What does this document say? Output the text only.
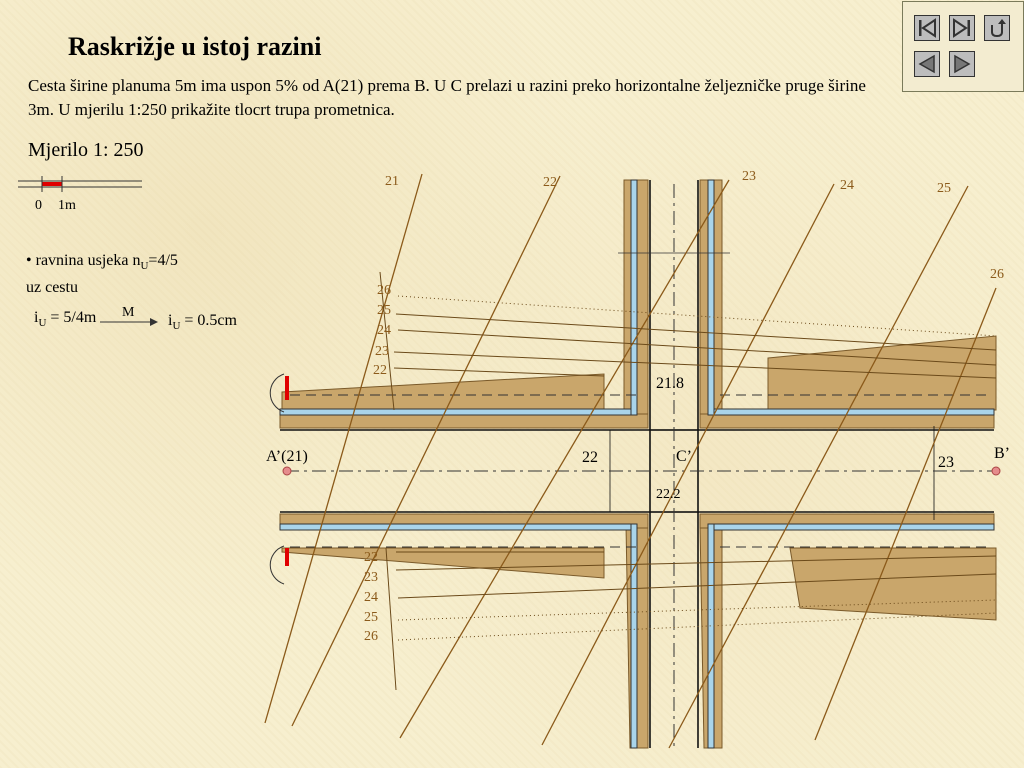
Raskrižje u istoj razini
Cesta širine planuma 5m ima uspon 5% od A(21) prema B. U C prelazi u razini preko horizontalne željezničke pruge širine 3m. U mjerilu 1:250 prikažite tlocrt trupa prometnica.
Mjerilo 1: 250
0 1m
• ravnina usjeka $n_U=4/5$
uz cestu
$i_U = 5/4m$ M $i_U = 0.5cm$
21	22	23
24	25
26
26
25
24
23
22
22
23
24
25
26
A’(21)	B’
C’
22	23
21.8
22.2
